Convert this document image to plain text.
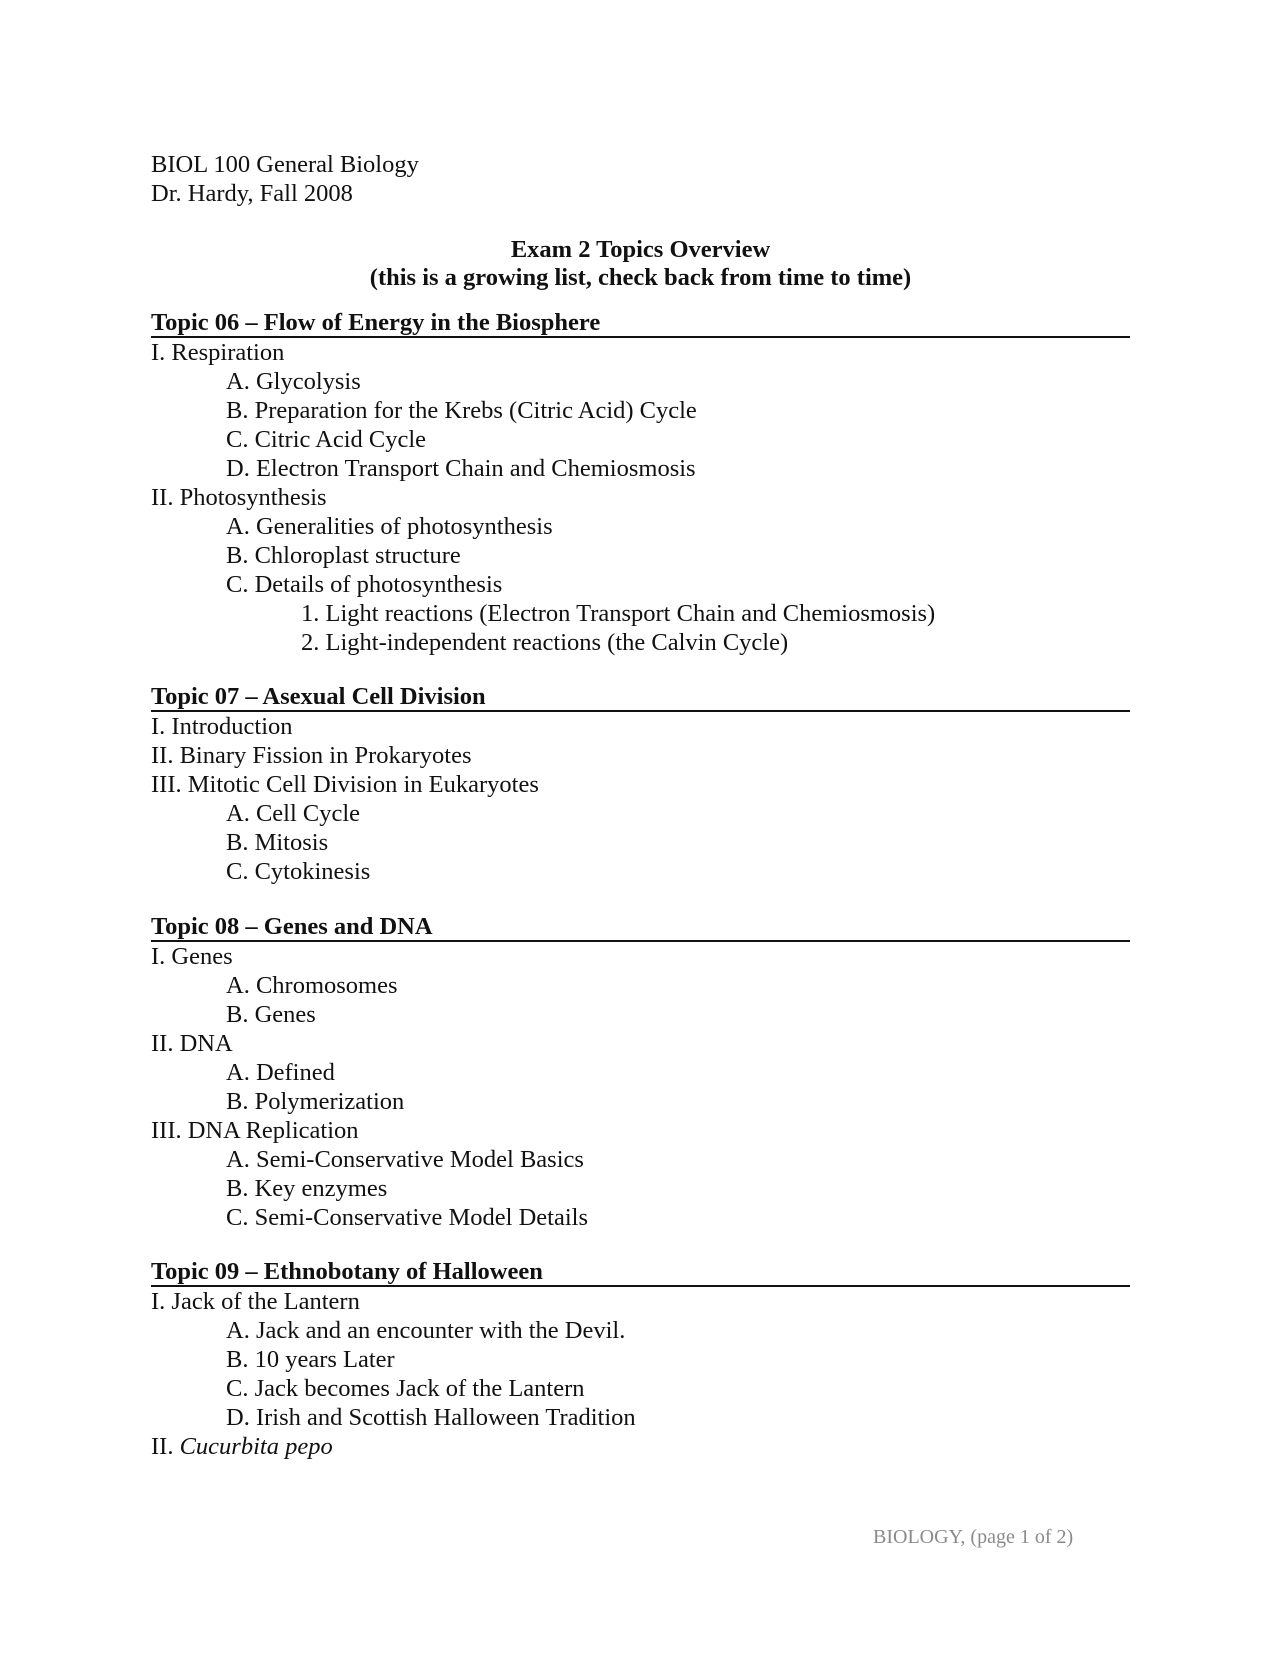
BIOL 100 General Biology
Dr. Hardy, Fall 2008
Exam 2 Topics Overview
(this is a growing list, check back from time to time)
Topic 06 – Flow of Energy in the Biosphere
I. Respiration
A. Glycolysis
B. Preparation for the Krebs (Citric Acid) Cycle
C. Citric Acid Cycle
D. Electron Transport Chain and Chemiosmosis
II. Photosynthesis
A. Generalities of photosynthesis
B. Chloroplast structure
C. Details of photosynthesis
1. Light reactions (Electron Transport Chain and Chemiosmosis)
2. Light-independent reactions (the Calvin Cycle)
Topic 07 – Asexual Cell Division
I. Introduction
II. Binary Fission in Prokaryotes
III. Mitotic Cell Division in Eukaryotes
A. Cell Cycle
B. Mitosis
C. Cytokinesis
Topic 08 – Genes and DNA
I. Genes
A. Chromosomes
B. Genes
II. DNA
A. Defined
B. Polymerization
III. DNA Replication
A. Semi-Conservative Model Basics
B. Key enzymes
C. Semi-Conservative Model Details
Topic 09 – Ethnobotany of Halloween
I. Jack of the Lantern
A. Jack and an encounter with the Devil.
B. 10 years Later
C. Jack becomes Jack of the Lantern
D. Irish and Scottish Halloween Tradition
II. Cucurbita pepo
BIOLOGY, (page 1 of 2)
